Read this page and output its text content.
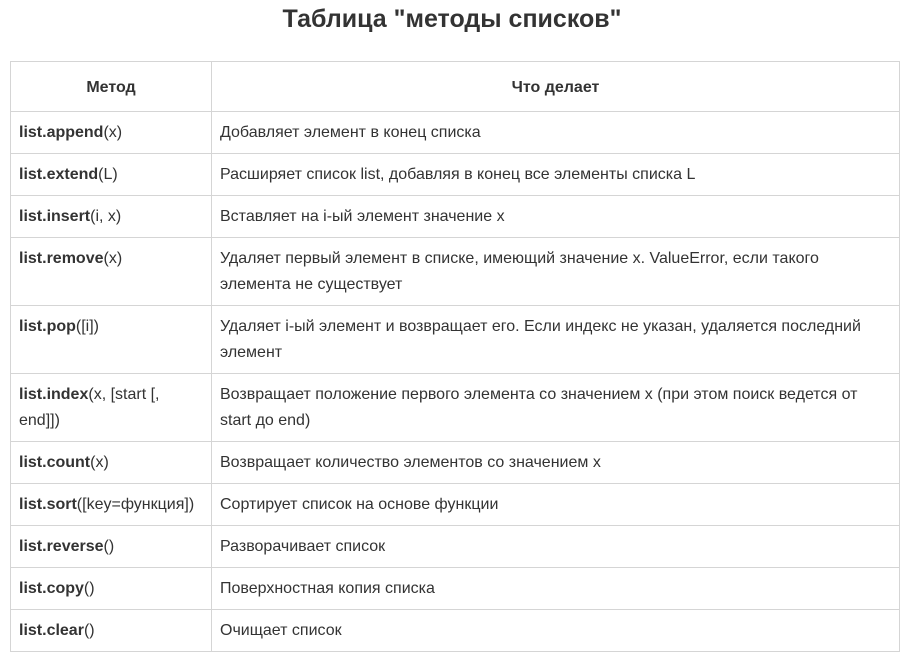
Таблица "методы списков"
Метод	Что делает
list.append(x)	Добавляет элемент в конец списка
list.extend(L)	Расширяет список list, добавляя в конец все элементы списка L
list.insert(i, x)	Вставляет на i-ый элемент значение x
list.remove(x)	Удаляет первый элемент в списке, имеющий значение x. ValueError, если такого элемента не существует
list.pop([i])	Удаляет i-ый элемент и возвращает его. Если индекс не указан, удаляется последний элемент
list.index(x, [start [, end]])	Возвращает положение первого элемента со значением x (при этом поиск ведется от start до end)
list.count(x)	Возвращает количество элементов со значением x
list.sort([key=функция])	Сортирует список на основе функции
list.reverse()	Разворачивает список
list.copy()	Поверхностная копия списка
list.clear()	Очищает список
